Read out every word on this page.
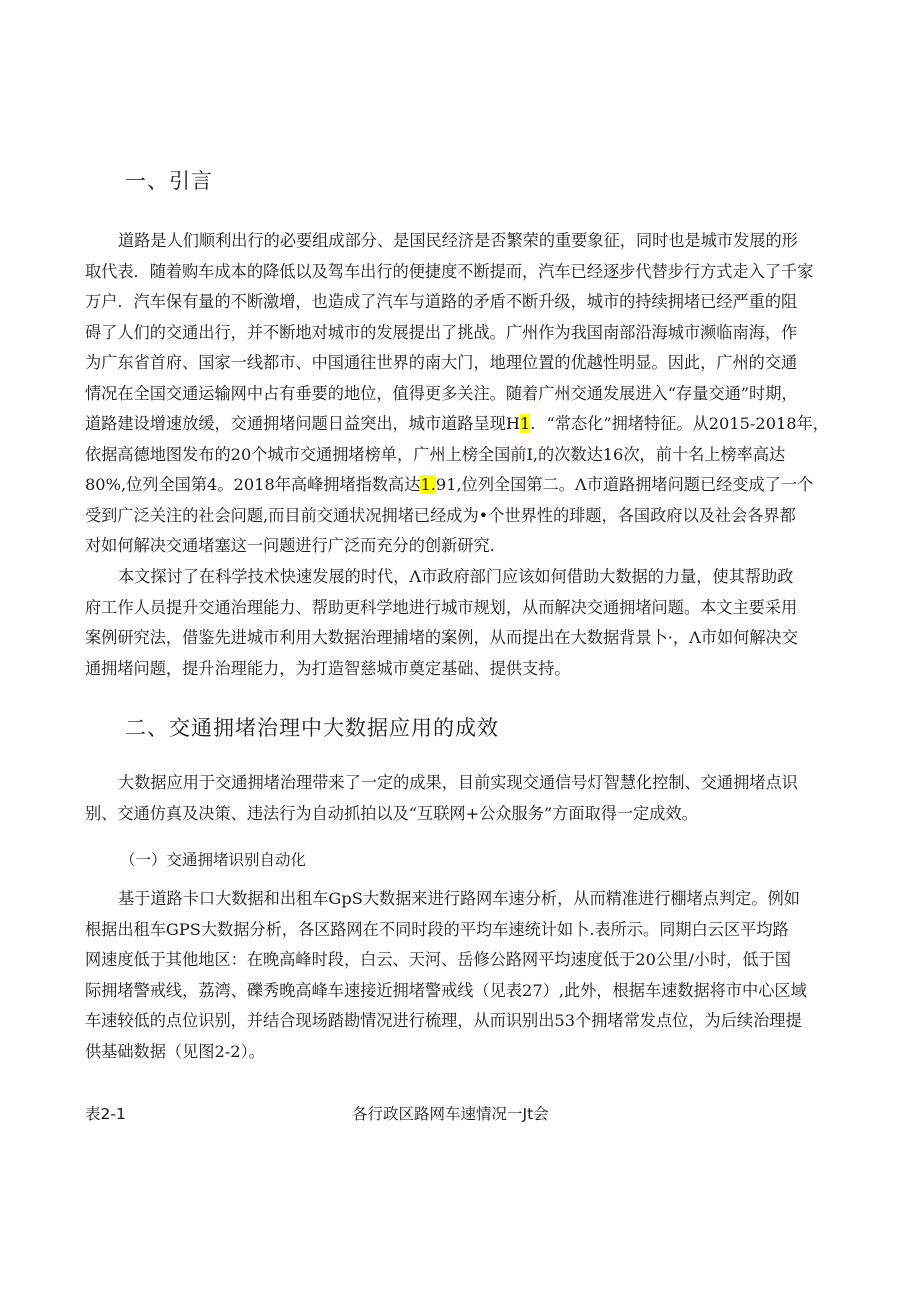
一、引言
道路是人们顺利出行的必要组成部分、是国民经济是否繁荣的重要象征，同时也是城市发展的形
取代表．随着购车成本的降低以及驾车出行的便捷度不断提而，汽车已经逐步代替步行方式走入了千家
万户．汽车保有量的不断激增，也造成了汽车与道路的矛盾不断升级，城市的持续拥堵已经严重的阻
碍了人们的交通出行，并不断地对城市的发展提出了挑战。广州作为我国南部沿海城市濒临南海，作
为广东省首府、国家一线都市、中国通往世界的南大门，地理位置的优越性明显。因此，广州的交通
情况在全国交通运输网中占有垂要的地位，值得更多关注。随着广州交通发展进入“存量交通”时期，
道路建设增速放缓，交通拥堵问题日益突出，城市道路呈现H1．“常态化”拥堵特征。从2015-2018年，
依据高德地图发布的20个城市交通拥堵榜单，广州上榜全国前I,的次数达16次，前十名上榜率高达
80%,位列全国第4。2018年高峰拥堵指数高达1.91,位列全国第二。Λ市道路拥堵问题已经变成了一个
受到广泛关注的社会问题,而目前交通状况拥堵已经成为•个世界性的琲题，各国政府以及社会各界都
对如何解决交通堵塞这一问题进行广泛而充分的创新研究.
本文探讨了在科学技术快速发展的时代，Λ市政府部门应该如何借助大数据的力量，使其帮助政
府工作人员提升交通治理能力、帮助更科学地进行城市规划，从而解决交通拥堵问题。本文主要采用
案例研究法，借鉴先进城市利用大数据治理捕堵的案例，从而提出在大数据背景卜·，Λ市如何解决交
通拥堵问题，提升治理能力，为打造智慈城市奠定基础、提供支持。
二、交通拥堵治理中大数据应用的成效
大数据应用于交通拥堵治理带来了一定的成果，目前实现交通信号灯智慧化控制、交通拥堵点识
别、交通仿真及决策、违法行为自动抓拍以及“互联网+公众服务”方面取得一定成效。
（一）交通拥堵识别自动化
基于道路卡口大数据和出租车GpS大数据来进行路网车速分析，从而精准进行棚堵点判定。例如
根据出租车GPS大数据分析，各区路网在不同时段的平均车速统计如卜.表所示。同期白云区平均路
网速度低于其他地区：在晚高峰时段，白云、天河、岳修公路网平均速度低于20公里/小时，低于国
际拥堵警戒线，荔湾、礫秀晚高峰车速接近拥堵警戒线（见表27）,此外，根据车速数据将市中心区域
车速较低的点位识别，并结合现场踏勘情况进行梳理，从而识别出53个拥堵常发点位，为后续治理提
供基础数据（见图2-2）。
表2-1	各行政区路网车速情况一Jt会
